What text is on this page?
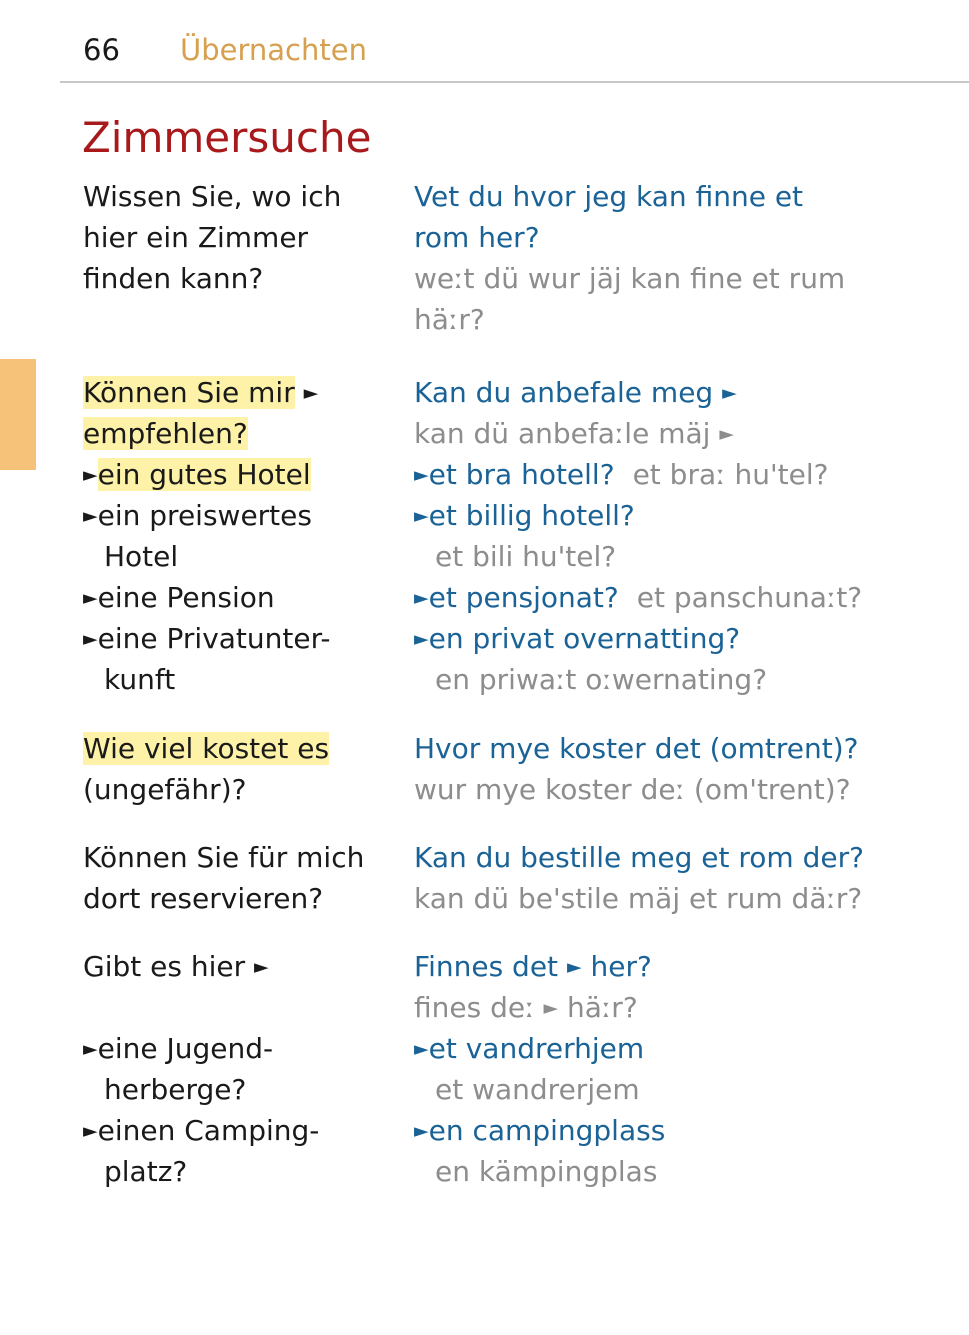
66 Übernachten
Zimmersuche
Wissen Sie, wo ich
hier ein Zimmer
finden kann?
Vet du hvor jeg kan finne et
rom her?
weːt dü wur jäj kan fine et rum
häːr?
Können Sie mir ►
empfehlen?
►ein gutes Hotel
►ein preiswertes
Hotel
►eine Pension
►eine Privatunter-
kunft
Kan du anbefale meg ►
kan dü anbefaːle mäj ►
►et bra hotell? et braː hu'tel?
►et billig hotell?
et bili hu'tel?
►et pensjonat? et panschunaːt?
►en privat overnatting?
en priwaːt oːwernating?
Wie viel kostet es
(ungefähr)?
Hvor mye koster det (omtrent)?
wur mye koster deː (om'trent)?
Können Sie für mich
dort reservieren?
Kan du bestille meg et rom der?
kan dü be'stile mäj et rum däːr?
Gibt es hier ►
►eine Jugend-
herberge?
►einen Camping-
platz?
Finnes det ► her?
fines deː ► häːr?
►et vandrerhjem
et wandrerjem
►en campingplass
en kämpingplas
